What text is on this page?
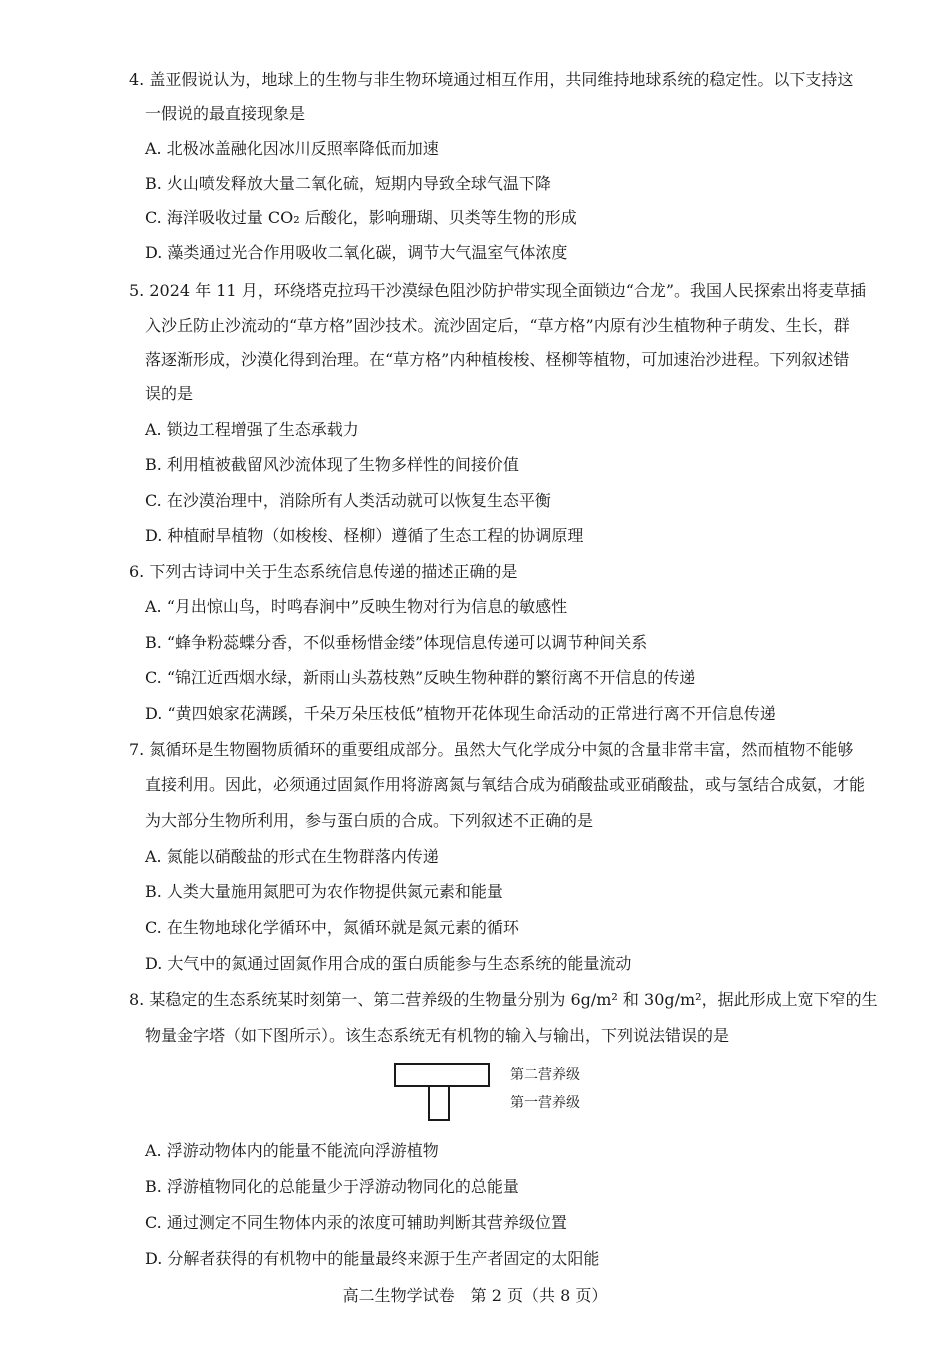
4. 盖亚假说认为，地球上的生物与非生物环境通过相互作用，共同维持地球系统的稳定性。以下支持这
一假说的最直接现象是
A. 北极冰盖融化因冰川反照率降低而加速
B. 火山喷发释放大量二氧化硫，短期内导致全球气温下降
C. 海洋吸收过量 CO₂ 后酸化，影响珊瑚、贝类等生物的形成
D. 藻类通过光合作用吸收二氧化碳，调节大气温室气体浓度
5. 2024 年 11 月，环绕塔克拉玛干沙漠绿色阻沙防护带实现全面锁边“合龙”。我国人民探索出将麦草插
入沙丘防止沙流动的“草方格”固沙技术。流沙固定后，“草方格”内原有沙生植物种子萌发、生长，群
落逐渐形成，沙漠化得到治理。在“草方格”内种植梭梭、柽柳等植物，可加速治沙进程。下列叙述错
误的是
A. 锁边工程增强了生态承载力
B. 利用植被截留风沙流体现了生物多样性的间接价值
C. 在沙漠治理中，消除所有人类活动就可以恢复生态平衡
D. 种植耐旱植物（如梭梭、柽柳）遵循了生态工程的协调原理
6. 下列古诗词中关于生态系统信息传递的描述正确的是
A. “月出惊山鸟，时鸣春涧中”反映生物对行为信息的敏感性
B. “蜂争粉蕊蝶分香，不似垂杨惜金缕”体现信息传递可以调节种间关系
C. “锦江近西烟水绿，新雨山头荔枝熟”反映生物种群的繁衍离不开信息的传递
D. “黄四娘家花满蹊，千朵万朵压枝低”植物开花体现生命活动的正常进行离不开信息传递
7. 氮循环是生物圈物质循环的重要组成部分。虽然大气化学成分中氮的含量非常丰富，然而植物不能够
直接利用。因此，必须通过固氮作用将游离氮与氧结合成为硝酸盐或亚硝酸盐，或与氢结合成氨，才能
为大部分生物所利用，参与蛋白质的合成。下列叙述不正确的是
A. 氮能以硝酸盐的形式在生物群落内传递
B. 人类大量施用氮肥可为农作物提供氮元素和能量
C. 在生物地球化学循环中，氮循环就是氮元素的循环
D. 大气中的氮通过固氮作用合成的蛋白质能参与生态系统的能量流动
8. 某稳定的生态系统某时刻第一、第二营养级的生物量分别为 6g/m² 和 30g/m²，据此形成上宽下窄的生
物量金字塔（如下图所示）。该生态系统无有机物的输入与输出，下列说法错误的是
第二营养级
第一营养级
A. 浮游动物体内的能量不能流向浮游植物
B. 浮游植物同化的总能量少于浮游动物同化的总能量
C. 通过测定不同生物体内汞的浓度可辅助判断其营养级位置
D. 分解者获得的有机物中的能量最终来源于生产者固定的太阳能
高二生物学试卷　第 2 页（共 8 页）
